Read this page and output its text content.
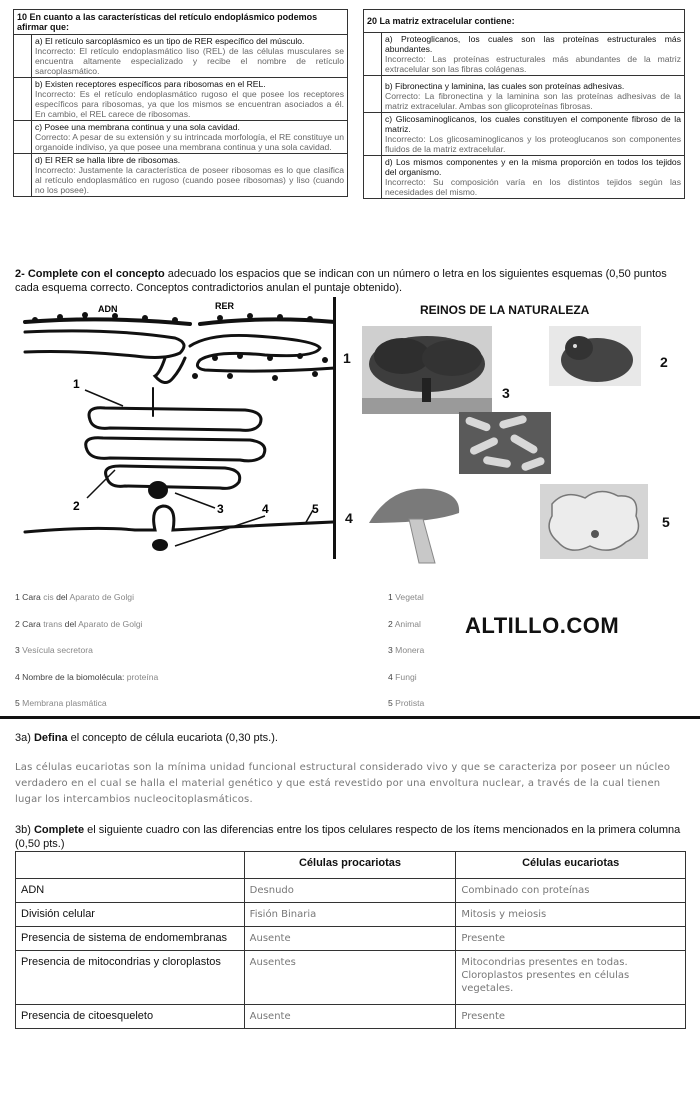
10 En cuanto a las características del retículo endoplásmico podemos afirmar que:	

	a) El retículo sarcoplásmico es un tipo de RER específico del músculo.
Incorrecto: El retículo endoplasmático liso (REL) de las células musculares se encuentra altamente especializado y recibe el nombre de retículo sarcoplasmático.

	b) Existen receptores específicos para ribosomas en el REL.
Incorrecto: Es el retículo endoplasmático rugoso el que posee los receptores específicos para ribosomas, ya que los mismos se encuentran asociados a él. En cambio, el REL carece de ribosomas.

	c) Posee una membrana continua y una sola cavidad.
Correcto: A pesar de su extensión y su intrincada morfología, el RE constituye un organoide indiviso, ya que posee una membrana continua y una sola cavidad.

	d) El RER se halla libre de ribosomas.
Incorrecto: Justamente la característica de poseer ribosomas es lo que clasifica al retículo endoplasmático en rugoso (cuando posee ribosomas) y liso (cuando no los posee).
20 La matriz extracelular contiene:	

	a) Proteoglicanos, los cuales son las proteínas estructurales más abundantes.
Incorrecto: Las proteínas estructurales más abundantes de la matriz extracelular son las fibras colágenas.

	b) Fibronectina y laminina, las cuales son proteínas adhesivas.
Correcto: La fibronectina y la laminina son las proteínas adhesivas de la matriz extracelular. Ambas son glicoproteínas fibrosas.

	c) Glicosaminoglicanos, los cuales constituyen el componente fibroso de la matriz.
Incorrecto: Los glicosaminoglicanos y los proteoglucanos son componentes fluidos de la matriz extracelular.

	d) Los mismos componentes y en la misma proporción en todos los tejidos del organismo.
Incorrecto: Su composición varía en los distintos tejidos según las necesidades del mismo.
2- Complete con el concepto adecuado los espacios que se indican con un número o letra en los siguientes esquemas (0,50 puntos cada esquema correcto. Conceptos contradictorios anulan el puntaje obtenido).
ADN	RER
1
2	3	4	5
REINOS DE LA NATURALEZA
1	2
3
4	5
1 Cara cis del Aparato de Golgi
2 Cara trans del Aparato de Golgi
3 Vesícula secretora
4 Nombre de la biomolécula: proteína
5 Membrana plasmática
1 Vegetal
2 Animal
3 Monera
4 Fungi
5 Protista
ALTILLO.COM
3a) Defina el concepto de célula eucariota (0,30 pts.).
Las células eucariotas son la mínima unidad funcional estructural considerado vivo y que se caracteriza por poseer un núcleo verdadero en el cual se halla el material genético y que está revestido por una envoltura nuclear, a través de la cual tienen lugar los intercambios nucleocitoplasmáticos.
3b) Complete el siguiente cuadro con las diferencias entre los tipos celulares respecto de los ítems mencionados en la primera columna (0,50 pts.)
	Células procariotas	Células eucariotas
ADN	Desnudo	Combinado con proteínas
División celular	Fisión Binaria	Mitosis y meiosis
Presencia de sistema de endomembranas	Ausente	Presente
Presencia de mitocondrias y cloroplastos	Ausentes	Mitocondrias presentes en todas. Cloroplastos presentes en células vegetales.
Presencia de citoesqueleto	Ausente	Presente
